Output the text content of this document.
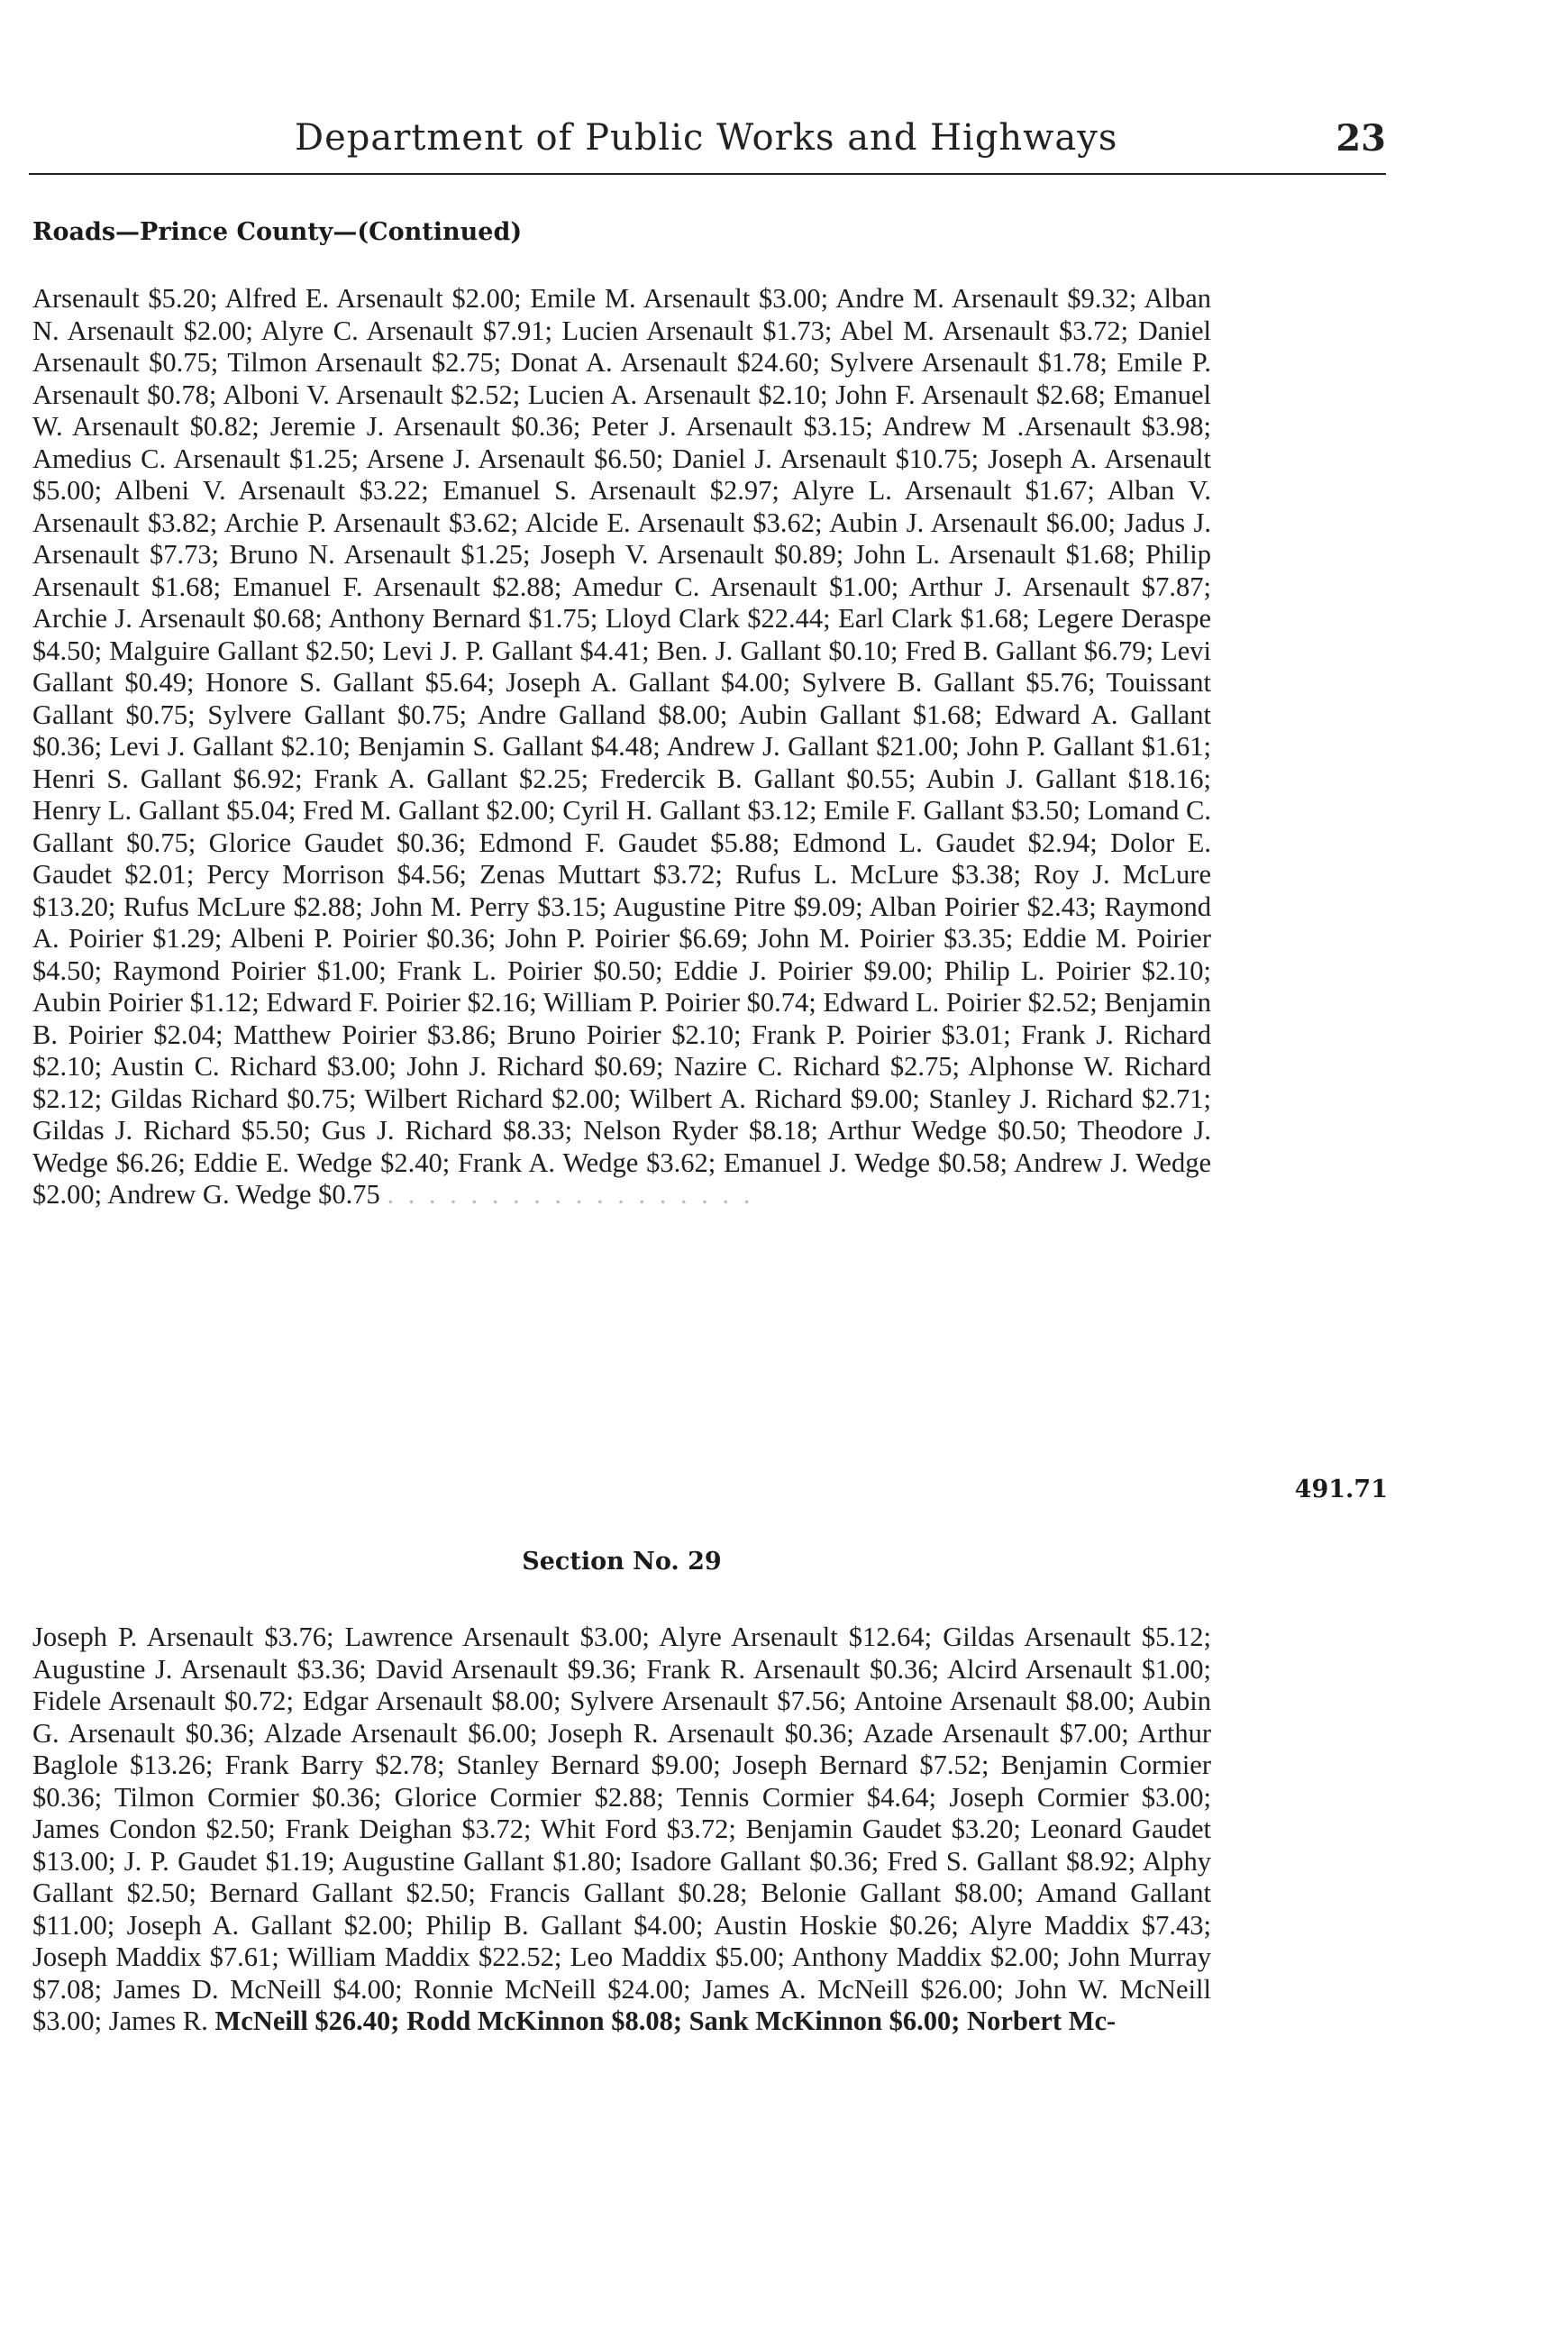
Department of Public Works and Highways	23
Roads—Prince County—(Continued)

Arsenault $5.20; Alfred E. Arsenault $2.00; Emile M. Arsenault $3.00; Andre M. Arsenault $9.32; Alban N. Arsenault $2.00; Alyre C. Arsenault $7.91; Lucien Arsenault $1.73; Abel M. Arsenault $3.72; Daniel Arsenault $0.75; Tilmon Arsenault $2.75; Donat A. Arsenault $24.60; Sylvere Arsenault $1.78; Emile P. Arsenault $0.78; Alboni V. Arsenault $2.52; Lucien A. Arsenault $2.10; John F. Arsenault $2.68; Emanuel W. Arsenault $0.82; Jeremie J. Arsenault $0.36; Peter J. Arsenault $3.15; Andrew M .Arsenault $3.98; Amedius C. Arsenault $1.25; Arsene J. Arsenault $6.50; Daniel J. Arsenault $10.75; Joseph A. Arsenault $5.00; Albeni V. Arsenault $3.22; Emanuel S. Arsenault $2.97; Alyre L. Arsenault $1.67; Alban V. Arsenault $3.82; Archie P. Arsenault $3.62; Alcide E. Arsenault $3.62; Aubin J. Arsenault $6.00; Jadus J. Arsenault $7.73; Bruno N. Arsenault $1.25; Joseph V. Arsenault $0.89; John L. Arsenault $1.68; Philip Arsenault $1.68; Emanuel F. Arsenault $2.88; Amedur C. Arsenault $1.00; Arthur J. Arsenault $7.87; Archie J. Arsenault $0.68; Anthony Bernard $1.75; Lloyd Clark $22.44; Earl Clark $1.68; Legere Deraspe $4.50; Malguire Gallant $2.50; Levi J. P. Gallant $4.41; Ben. J. Gallant $0.10; Fred B. Gallant $6.79; Levi Gallant $0.49; Honore S. Gallant $5.64; Joseph A. Gallant $4.00; Sylvere B. Gallant $5.76; Touissant Gallant $0.75; Sylvere Gallant $0.75; Andre Galland $8.00; Aubin Gallant $1.68; Edward A. Gallant $0.36; Levi J. Gallant $2.10; Benjamin S. Gallant $4.48; Andrew J. Gallant $21.00; John P. Gallant $1.61; Henri S. Gallant $6.92; Frank A. Gallant $2.25; Fredercik B. Gallant $0.55; Aubin J. Gallant $18.16; Henry L. Gallant $5.04; Fred M. Gallant $2.00; Cyril H. Gallant $3.12; Emile F. Gallant $3.50; Lomand C. Gallant $0.75; Glorice Gaudet $0.36; Edmond F. Gaudet $5.88; Edmond L. Gaudet $2.94; Dolor E. Gaudet $2.01; Percy Morrison $4.56; Zenas Muttart $3.72; Rufus L. McLure $3.38; Roy J. McLure $13.20; Rufus McLure $2.88; John M. Perry $3.15; Augustine Pitre $9.09; Alban Poirier $2.43; Raymond A. Poirier $1.29; Albeni P. Poirier $0.36; John P. Poirier $6.69; John M. Poirier $3.35; Eddie M. Poirier $4.50; Raymond Poirier $1.00; Frank L. Poirier $0.50; Eddie J. Poirier $9.00; Philip L. Poirier $2.10; Aubin Poirier $1.12; Edward F. Poirier $2.16; William P. Poirier $0.74; Edward L. Poirier $2.52; Benjamin B. Poirier $2.04; Matthew Poirier $3.86; Bruno Poirier $2.10; Frank P. Poirier $3.01; Frank J. Richard $2.10; Austin C. Richard $3.00; John J. Richard $0.69; Nazire C. Richard $2.75; Alphonse W. Richard $2.12; Gildas Richard $0.75; Wilbert Richard $2.00; Wilbert A. Richard $9.00; Stanley J. Richard $2.71; Gildas J. Richard $5.50; Gus J. Richard $8.33; Nelson Ryder $8.18; Arthur Wedge $0.50; Theodore J. Wedge $6.26; Eddie E. Wedge $2.40; Frank A. Wedge $3.62; Emanuel J. Wedge $0.58; Andrew J. Wedge $2.00; Andrew G. Wedge $0.75 . . . . . . . . . . . . . . . . . .

491.71
Section No. 29

Joseph P. Arsenault $3.76; Lawrence Arsenault $3.00; Alyre Arsenault $12.64; Gildas Arsenault $5.12; Augustine J. Arsenault $3.36; David Arsenault $9.36; Frank R. Arsenault $0.36; Alcird Arsenault $1.00; Fidele Arsenault $0.72; Edgar Arsenault $8.00; Sylvere Arsenault $7.56; Antoine Arsenault $8.00; Aubin G. Arsenault $0.36; Alzade Arsenault $6.00; Joseph R. Arsenault $0.36; Azade Arsenault $7.00; Arthur Baglole $13.26; Frank Barry $2.78; Stanley Bernard $9.00; Joseph Bernard $7.52; Benjamin Cormier $0.36; Tilmon Cormier $0.36; Glorice Cormier $2.88; Tennis Cormier $4.64; Joseph Cormier $3.00; James Condon $2.50; Frank Deighan $3.72; Whit Ford $3.72; Benjamin Gaudet $3.20; Leonard Gaudet $13.00; J. P. Gaudet $1.19; Augustine Gallant $1.80; Isadore Gallant $0.36; Fred S. Gallant $8.92; Alphy Gallant $2.50; Bernard Gallant $2.50; Francis Gallant $0.28; Belonie Gallant $8.00; Amand Gallant $11.00; Joseph A. Gallant $2.00; Philip B. Gallant $4.00; Austin Hoskie $0.26; Alyre Maddix $7.43; Joseph Maddix $7.61; William Maddix $22.52; Leo Maddix $5.00; Anthony Maddix $2.00; John Murray $7.08; James D. McNeill $4.00; Ronnie McNeill $24.00; James A. McNeill $26.00; John W. McNeill $3.00; James R. McNeill $26.40; Rodd McKinnon $8.08; Sank McKinnon $6.00; Norbert Mc-
